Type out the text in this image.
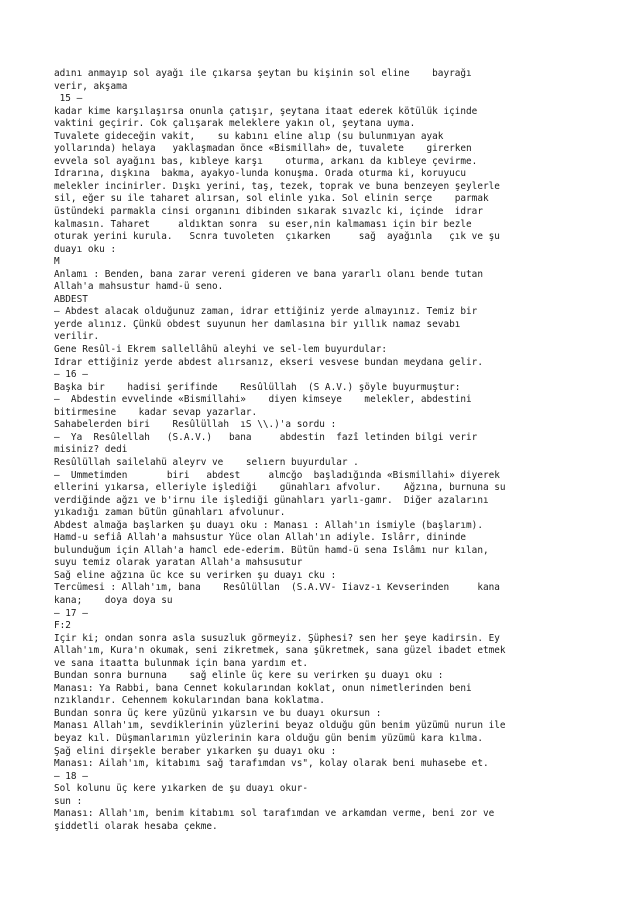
adını anmayıp sol ayağı ile çıkarsa şeytan bu kişinin sol eline    bayrağı
verir, akşama
15 —
kadar kime karşılaşırsa onunla çatışır, şeytana itaat ederek kötülük içinde
vaktini geçirir. Cok çalışarak meleklere yakın ol, şeytana uyma.
Tuvalete gideceğin vakit,    su kabını eline alıp (su bulunmıyan ayak
yollarında) helaya   yaklaşmadan önce «Bismillah» de, tuvalete    girerken
evvela sol ayağını bas, kıbleye karşı    oturma, arkanı da kıbleye çevirme.
İdrarına, dışkına  bakma, ayakyo-lunda konuşma. Orada oturma ki, koruyucu
melekler incinirler. Dışkı yerini, taş, tezek, toprak ve buna benzeyen şeylerle
sil, eğer su ile taharet alırsan, sol elinle yıka. Sol elinin serçe    parmak
üstündeki parmakla cinsi organını dibinden sıkarak sıvazlc ki, içinde  idrar
kalmasın. Taharet     aldıktan sonra  su eser,nin kalmaması için bir bezle
oturak yerini kurula.   Scnra tuvoleten  çıkarken     sağ  ayağınla   çık ve şu
duayı oku :
M
Anlamı : Benden, bana zarar vereni gideren ve bana yararlı olanı bende tutan
Allah'a mahsustur hamd-ü seno.
ABDEST
— Abdest alacak olduğunuz zaman, idrar ettiğiniz yerde almayınız. Temiz bir
yerde alınız. Çünkü obdest suyunun her damlasına bir yıllık namaz sevabı
verilir.
Gene Resûl-i Ekrem sallellâhü aleyhi ve sel-lem buyurdular:
İdrar ettiğiniz yerde abdest alırsanız, ekseri vesvese bundan meydana gelir.
— 16 —
Başka bir    hadisi şerifinde    Resûlüllah  (S A.V.) şöyle buyurmuştur:
—  Abdestin evvelinde «Bismillahi»    diyen kimseye    melekler, abdestini
bitirmesine    kadar sevap yazarlar.
Sahabelerden biri    Resûlüllah  ıS \\.)'a sordu :
—  Ya  Resûlellah   (S.A.V.)   bana     abdestin  fazî letinden bilgi verir
misiniz? dedi
Resûlüllah sailelahü aleyrv ve    selıern buyurdular .
—  Ümmetimden       biri   abdest     almcğo  başladığında «Bismillahi» diyerek
ellerini yıkarsa, elleriyle işlediği    günahları afvolur.    Ağzına, burnuna su
verdiğinde ağzı ve b'irnu ile işlediği günahları yarlı-gamr.  Diğer azalarını
yıkadığı zaman bütün günahları afvolunur.
Abdest almağa başlarken şu duayı oku : Manası : Allah'ın ismiyle (başlarım).
Hamd-u sefiâ Allah'a mahsustur Yüce olan Allah'ın adiyle. İslârr, dininde
bulunduğum için Allah'a hamcl ede-ederim. Bütün hamd-ü sena İslâmı nur kılan,
suyu temiz olarak yaratan Allah'a mahsusutur
Sağ eline ağzına üc kce su verirken şu duayı cku :
Tercümesi : Allah'ım, bana    Resûlüllan  (S.A.VV- Iiavz-ı Kevserinden     kana
kana;    doya doya su
— 17 —
F:2
İçir ki; ondan sonra asla susuzluk görmeyiz. Şüphesi? sen her şeye kadirsin. Ey
Allah'ım, Kura'n okumak, seni zikretmek, sana şükretmek, sana güzel ibadet etmek
ve sana itaatta bulunmak için bana yardım et.
Bundan sonra burnuna    sağ elinle üç kere su verirken şu duayı oku :
Manası: Ya Rabbi, bana Cennet kokularından koklat, onun nimetlerinden beni
nzıklandır. Cehennem kokularından bana koklatma.
Bundan sonra üç kere yüzünü yıkarsın ve bu duayı okursun :
Manası Allah'ım, sevdiklerinin yüzlerini beyaz olduğu gün benim yüzümü nurun ile
beyaz kıl. Düşmanlarımın yüzlerinin kara olduğu gün benim yüzümü kara kılma.
Şağ elini dirşekle beraber yıkarken şu duayı oku :
Manası: Ailah'ım, kitabımı sağ tarafımdan vs", kolay olarak beni muhasebe et.
— 18 —
Sol kolunu üç kere yıkarken de şu duayı okur-
sun :
Manası: Allah'ım, benim kitabımı sol tarafımdan ve arkamdan verme, beni zor ve
şiddetli olarak hesaba çekme.
